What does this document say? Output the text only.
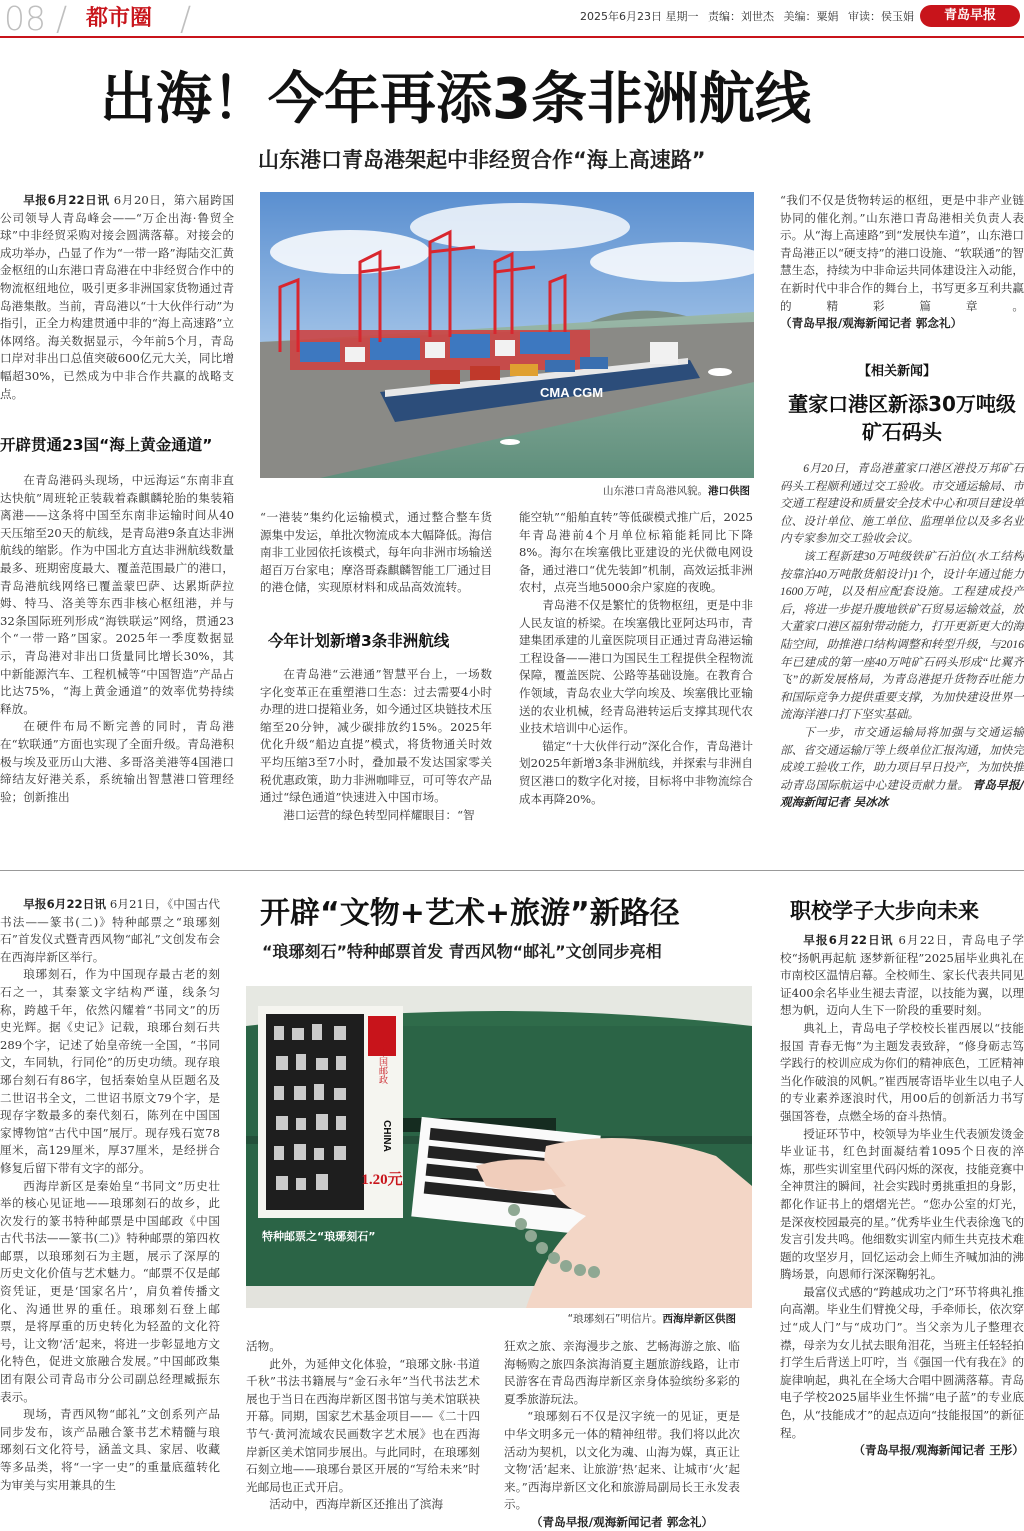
08 / 都市圈 /	2025年6月23日 星期一 责编：刘世杰 美编：粟娟 审读：侯玉娟	青岛早报
出海！今年再添3条非洲航线
山东港口青岛港架起中非经贸合作“海上高速路”

早报6月22日讯 6月20日，第六届跨国公司领导人青岛峰会——“万企出海·鲁贸全球”中非经贸采购对接会圆满落幕。对接会的成功举办，凸显了作为“一带一路”海陆交汇黄金枢纽的山东港口青岛港在中非经贸合作中的物流枢纽地位，吸引更多非洲国家货物通过青岛港集散。当前，青岛港以“十大伙伴行动”为指引，正全力构建贯通中非的“海上高速路”立体网络。海关数据显示，今年前5个月，青岛口岸对非出口总值突破600亿元大关，同比增幅超30%，已然成为中非合作共赢的战略支点。

开辟贯通23国“海上黄金通道”

在青岛港码头现场，中远海运“东南非直达快航”周班轮正装载着森麒麟轮胎的集装箱离港——这条将中国至东南非运输时间从40天压缩至20天的航线，是青岛港9条直达非洲航线的缩影。作为中国北方直达非洲航线数量最多、班期密度最大、覆盖范围最广的港口，青岛港航线网络已覆盖蒙巴萨、达累斯萨拉姆、特马、洛美等东西非核心枢纽港，并与32条国际班列形成“海铁联运”网络，贯通23个“一带一路”国家。2025年一季度数据显示，青岛港对非出口货量同比增长30%，其中新能源汽车、工程机械等“中国智造”产品占比达75%，“海上黄金通道”的效率优势持续释放。

在硬件布局不断完善的同时，青岛港在“软联通”方面也实现了全面升级。青岛港积极与埃及亚历山大港、多哥洛美港等4国港口缔结友好港关系，系统输出智慧港口管理经验；创新推出

CMA CGM
山东港口青岛港风貌。港口供图

“一港装”集约化运输模式，通过整合整车货源集中发运，单批次物流成本大幅降低。海信南非工业园依托该模式，每年向非洲市场输送超百万台家电；摩洛哥森麒麟智能工厂通过目的港仓储，实现原材料和成品高效流转。

今年计划新增3条非洲航线

在青岛港“云港通”智慧平台上，一场数字化变革正在重塑港口生态：过去需要4小时办理的进口提箱业务，如今通过区块链技术压缩至20分钟，减少碳排放约15%。2025年优化升级“船边直提”模式，将货物通关时效平均压缩3至7小时，叠加最不发达国家零关税优惠政策，助力非洲咖啡豆，可可等农产品通过“绿色通道”快速进入中国市场。

港口运营的绿色转型同样耀眼目：“智

能空轨”“船舶直转”等低碳模式推广后，2025年青岛港前4个月单位标箱能耗同比下降8%。海尔在埃塞俄比亚建设的光伏微电网设备，通过港口“优先装卸”机制，高效运抵非洲农村，点亮当地5000余户家庭的夜晚。

青岛港不仅是繁忙的货物枢纽，更是中非人民友谊的桥梁。在埃塞俄比亚阿达玛市，青建集团承建的儿童医院项目正通过青岛港运输工程设备——港口为国民生工程提供全程物流保障，覆盖医院、公路等基础设施。在教育合作领域，青岛农业大学向埃及、埃塞俄比亚输送的农业机械，经青岛港转运后支撑其现代农业技术培训中心运作。

锚定“十大伙伴行动”深化合作，青岛港计划2025年新增3条非洲航线，并探索与非洲自贸区港口的数字化对接，目标将中非物流综合成本再降20%。

“我们不仅是货物转运的枢纽，更是中非产业链协同的催化剂。”山东港口青岛港相关负责人表示。从“海上高速路”到“发展快车道”，山东港口青岛港正以“硬支持”的港口设施、“软联通”的智慧生态，持续为中非命运共同体建设注入动能，在新时代中非合作的舞台上，书写更多互利共赢的精彩篇章。（青岛早报/观海新闻记者 郭念礼）

【相关新闻】
董家口港区新添30万吨级矿石码头

6月20日，青岛港董家口港区港投万邦矿石码头工程顺利通过交工验收。市交通运输局、市交通工程建设和质量安全技术中心和项目建设单位、设计单位、施工单位、监理单位以及多名业内专家参加交工验收会议。

该工程新建30万吨级铁矿石泊位(水工结构按靠泊40万吨散货船设计)1个，设计年通过能力1600万吨，以及相应配套设施。工程建成投产后，将进一步提升腹地铁矿石贸易运输效益，放大董家口港区福射带动能力，打开更新更大的海陆空间，助推港口结构调整和转型升级，与2016年已建成的第一座40万吨矿石码头形成“比翼齐飞”的新发展格局，为青岛港提升货物吞吐能力和国际竞争力提供重要支撑，为加快建设世界一流海洋港口打下坚实基础。

下一步，市交通运输局将加强与交通运输部、省交通运输厅等上级单位汇报沟通，加快完成竣工验收工作，助力项目早日投产，为加快推动青岛国际航运中心建设贡献力量。 青岛早报/观海新闻记者 吴冰冰

早报6月22日讯 6月21日，《中国古代书法——篆书(二)》特种邮票之“琅琊刻石”首发仪式暨青西风物“邮礼”文创发布会在西海岸新区举行。

琅琊刻石，作为中国现存最古老的刻石之一，其秦篆文字结构严谨，线条匀称，跨越千年，依然闪耀着“书同文”的历史光辉。据《史记》记载，琅琊台刻石共289个字，记述了始皇帝统一全国，“书同文，车同轨，行同伦”的历史功绩。现存琅琊台刻石有86字，包括秦始皇从臣题名及二世诏书全文，二世诏书原文79个字，是现存字数最多的秦代刻石，陈列在中国国家博物馆“古代中国”展厅。现存残石宽78厘米，高129厘米，厚37厘米，是经拼合修复后留下带有文字的部分。

西海岸新区是秦始皇“书同文”历史壮举的核心见证地——琅琊刻石的故乡，此次发行的篆书特种邮票是中国邮政《中国古代书法——篆书(二)》特种邮票的第四枚邮票，以琅琊刻石为主题，展示了深厚的历史文化价值与艺术魅力。“邮票不仅是邮资凭证，更是‘国家名片’，肩负着传播文化、沟通世界的重任。琅琊刻石登上邮票，是将厚重的历史转化为轻盈的文化符号，让文物‘活’起来，将进一步彰显地方文化特色，促进文旅融合发展。”中国邮政集团有限公司青岛市分公司副总经理臧振东表示。

现场，青西风物“邮礼”文创系列产品同步发布，该产品融合篆书艺术精髓与琅琊刻石文化符号，涵盖文具、家居、收藏等多品类，将“一字一史”的重量底蕴转化为审美与实用兼具的生

开辟“文物+艺术+旅游”新路径
“琅琊刻石”特种邮票首发 青西风物“邮礼”文创同步亮相
中国邮政
CHINA
1.20元
特种邮票之“琅琊刻石”
“琅琊刻石”明信片。西海岸新区供图

活物。

此外，为延伸文化体验，“琅琊文脉·书道千秋”书法书籍展与“金石永年”当代书法艺术展也于当日在西海岸新区图书馆与美术馆联袂开幕。同期，国家艺术基金项目——《二十四节气·黄河流域农民画数字艺术展》也在西海岸新区美术馆同步展出。与此同时，在琅琊刻石刻立地——琅琊台景区开展的“写给未来”时光邮局也正式开启。

活动中，西海岸新区还推出了滨海

狂欢之旅、亲海漫步之旅、艺畅海游之旅、临海畅购之旅四条滨海消夏主题旅游线路，让市民游客在青岛西海岸新区亲身体验缤纷多彩的夏季旅游玩法。

“琅琊刻石不仅是汉字统一的见证，更是中华文明多元一体的精神纽带。我们将以此次活动为契机，以文化为魂、山海为媒，真正让文物‘活’起来、让旅游‘热’起来、让城市‘火’起来。”西海岸新区文化和旅游局副局长王永发表示。

（青岛早报/观海新闻记者 郭念礼）

职校学子大步向未来

早报6月22日讯 6月22日，青岛电子学校“扬帆再起航 逐梦新征程”2025届毕业典礼在市南校区温情启幕。全校师生、家长代表共同见证400余名毕业生褪去青涩，以技能为翼，以理想为帆，迈向人生下一阶段的重要时刻。

典礼上，青岛电子学校校长崔西展以“技能报国 青春无悔”为主题发表致辞，“修身砺志笃学践行的校训应成为你们的精神底色，工匠精神当化作破浪的风帆。”崔西展寄语毕业生以电子人的专业素养逐浪时代，用00后的创新活力书写强国答卷，点燃全场的奋斗热情。

授证环节中，校领导为毕业生代表颁发烫金毕业证书，红色封面凝结着1095个日夜的淬炼，那些实训室里代码闪烁的深夜，技能竞赛中全神贯注的瞬间，社会实践时勇挑重担的身影，都化作证书上的熠熠光芒。“您办公室的灯光，是深夜校园最亮的星。”优秀毕业生代表徐逸飞的发言引发共鸣。他细数实训室内师生共克技术难题的攻坚岁月，回忆运动会上师生齐喊加油的沸腾场景，向恩师行深深鞠躬礼。

最富仪式感的“跨越成功之门”环节将典礼推向高潮。毕业生们臂挽父母，手牵师长，依次穿过“成人门”与“成功门”。当父亲为儿子整理衣襟，母亲为女儿拭去眼角泪花，当班主任轻轻拍打学生后背送上叮咛，当《强国一代有我在》的旋律响起，典礼在全场大合唱中圆满落幕。青岛电子学校2025届毕业生怀揣“电子蓝”的专业底色，从“技能成才”的起点迈向“技能报国”的新征程。

（青岛早报/观海新闻记者 王彤）
